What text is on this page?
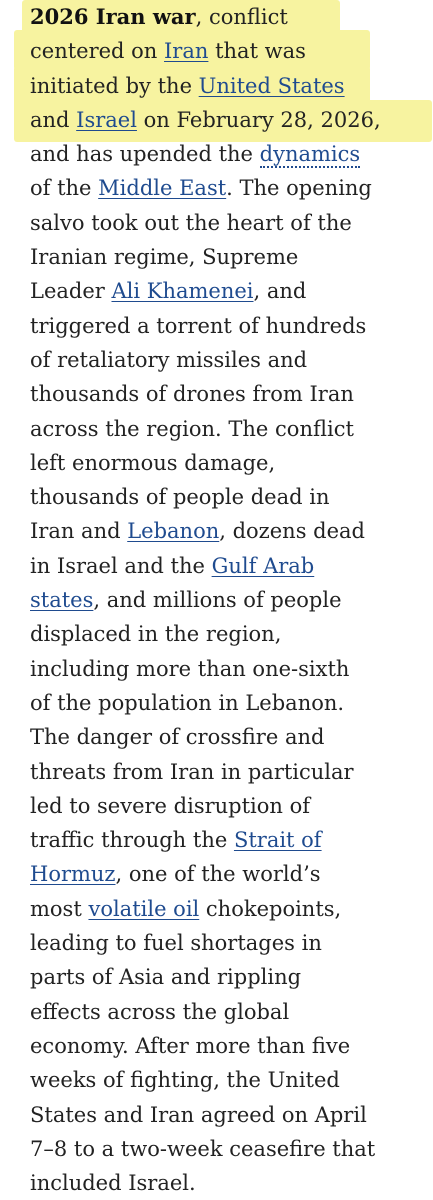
2026 Iran war, conflict
centered on Iran that was
initiated by the United States
and Israel on February 28, 2026,
and has upended the dynamics
of the Middle East. The opening
salvo took out the heart of the
Iranian regime, Supreme
Leader Ali Khamenei, and
triggered a torrent of hundreds
of retaliatory missiles and
thousands of drones from Iran
across the region. The conflict
left enormous damage,
thousands of people dead in
Iran and Lebanon, dozens dead
in Israel and the Gulf Arab
states, and millions of people
displaced in the region,
including more than one-sixth
of the population in Lebanon.
The danger of crossfire and
threats from Iran in particular
led to severe disruption of
traffic through the Strait of
Hormuz, one of the world’s
most volatile oil chokepoints,
leading to fuel shortages in
parts of Asia and rippling
effects across the global
economy. After more than five
weeks of fighting, the United
States and Iran agreed on April
7–8 to a two-week ceasefire that
included Israel.
